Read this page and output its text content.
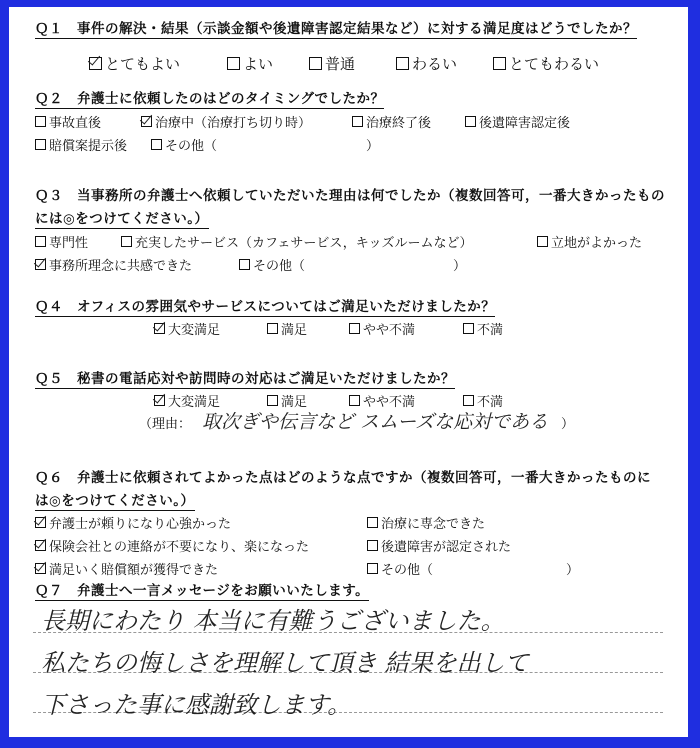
Ｑ１　事件の解決・結果（示談金額や後遺障害認定結果など）に対する満足度はどうでしたか？
とてもよい	よい	普通	わるい	とてもわるい
Ｑ２　弁護士に依頼したのはどのタイミングでしたか？
事故直後	治療中（治療打ち切り時）	治療終了後	後遺障害認定後
賠償案提示後	その他（	）
Ｑ３　当事務所の弁護士へ依頼していただいた理由は何でしたか（複数回答可，一番大きかったもの
には◎をつけてください。）
専門性	充実したサービス（カフェサービス，キッズルームなど）	立地がよかった
事務所理念に共感できた	その他（	）
Ｑ４　オフィスの雰囲気やサービスについてはご満足いただけましたか？
大変満足	満足	やや不満	不満
Ｑ５　秘書の電話応対や訪問時の対応はご満足いただけましたか？
大変満足	満足	やや不満	不満
（理由： 取次ぎや伝言など スムーズな応対である ）
Ｑ６　弁護士に依頼されてよかった点はどのような点ですか（複数回答可，一番大きかったものに
は◎をつけてください。）
弁護士が頼りになり心強かった	治療に専念できた
保険会社との連絡が不要になり、楽になった	後遺障害が認定された
満足いく賠償額が獲得できた	その他（	）
Ｑ７　弁護士へ一言メッセージをお願いいたします。
長期にわたり 本当に有難うございました。
私たちの悔しさを理解して頂き 結果を出して
下さった事に感謝致します。
